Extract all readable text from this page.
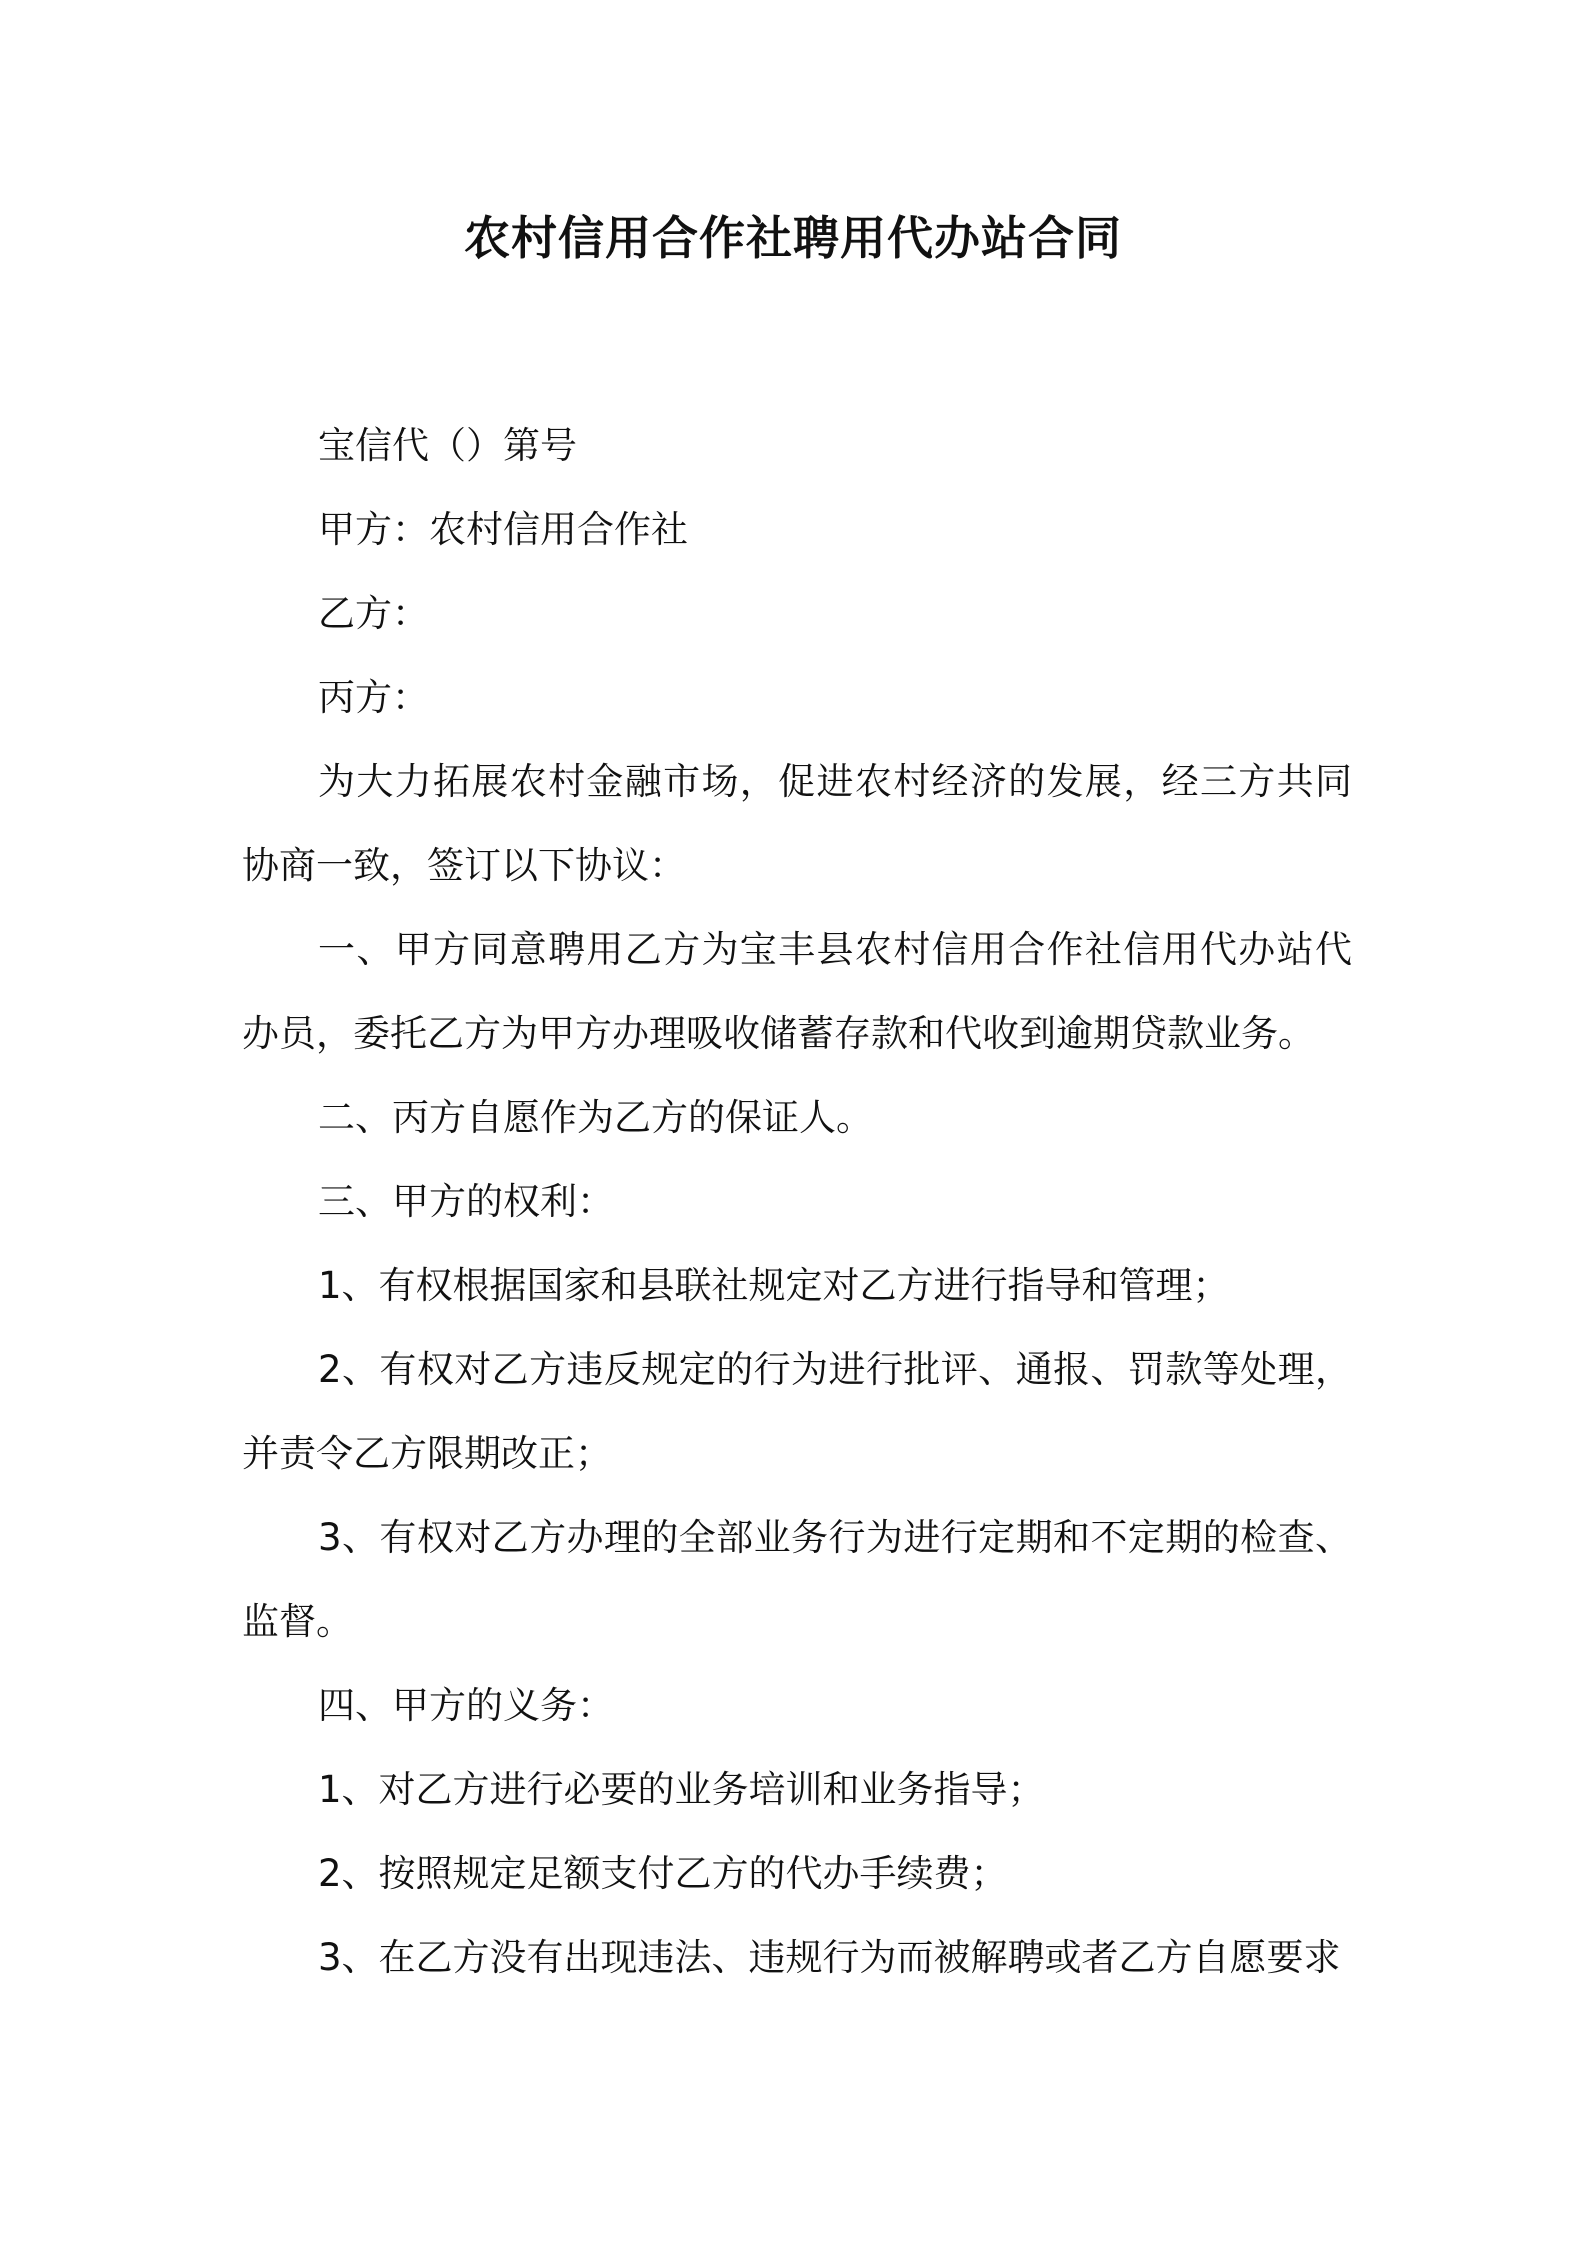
农村信用合作社聘用代办站合同

宝信代（）第号

甲方：农村信用合作社

乙方：

丙方：

为大力拓展农村金融市场，促进农村经济的发展，经三方共同协商一致，签订以下协议：

一、甲方同意聘用乙方为宝丰县农村信用合作社信用代办站代办员，委托乙方为甲方办理吸收储蓄存款和代收到逾期贷款业务。

二、丙方自愿作为乙方的保证人。

三、甲方的权利：

1、有权根据国家和县联社规定对乙方进行指导和管理；

2、有权对乙方违反规定的行为进行批评、通报、罚款等处理，并责令乙方限期改正；

3、有权对乙方办理的全部业务行为进行定期和不定期的检查、监督。

四、甲方的义务：

1、对乙方进行必要的业务培训和业务指导；

2、按照规定足额支付乙方的代办手续费；

3、在乙方没有出现违法、违规行为而被解聘或者乙方自愿要求
